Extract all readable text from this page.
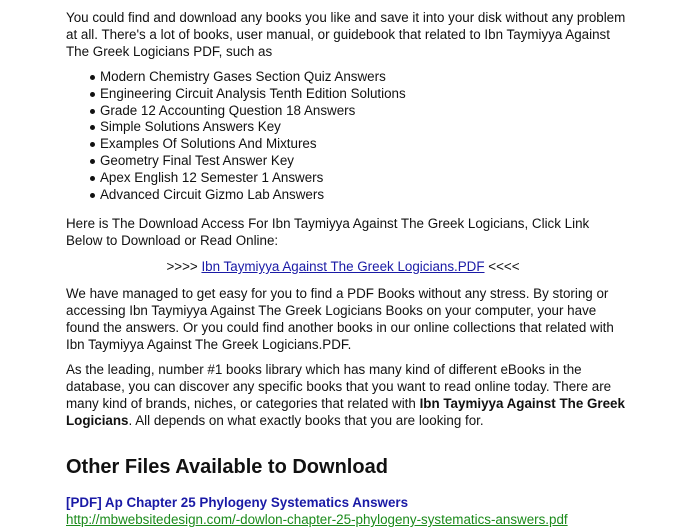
You could find and download any books you like and save it into your disk without any problem at all. There's a lot of books, user manual, or guidebook that related to Ibn Taymiyya Against The Greek Logicians PDF, such as

Modern Chemistry Gases Section Quiz Answers
Engineering Circuit Analysis Tenth Edition Solutions
Grade 12 Accounting Question 18 Answers
Simple Solutions Answers Key
Examples Of Solutions And Mixtures
Geometry Final Test Answer Key
Apex English 12 Semester 1 Answers
Advanced Circuit Gizmo Lab Answers

Here is The Download Access For Ibn Taymiyya Against The Greek Logicians, Click Link Below to Download or Read Online:

>>>> Ibn Taymiyya Against The Greek Logicians.PDF <<<<

We have managed to get easy for you to find a PDF Books without any stress. By storing or accessing Ibn Taymiyya Against The Greek Logicians Books on your computer, your have found the answers. Or you could find another books in our online collections that related with Ibn Taymiyya Against The Greek Logicians.PDF.

As the leading, number #1 books library which has many kind of different eBooks in the database, you can discover any specific books that you want to read online today. There are many kind of brands, niches, or categories that related with Ibn Taymiyya Against The Greek Logicians. All depends on what exactly books that you are looking for.

Other Files Available to Download
[PDF] Ap Chapter 25 Phylogeny Systematics Answers
http://mbwebsitedesign.com/-dowlon-chapter-25-phylogeny-systematics-answers.pdf
